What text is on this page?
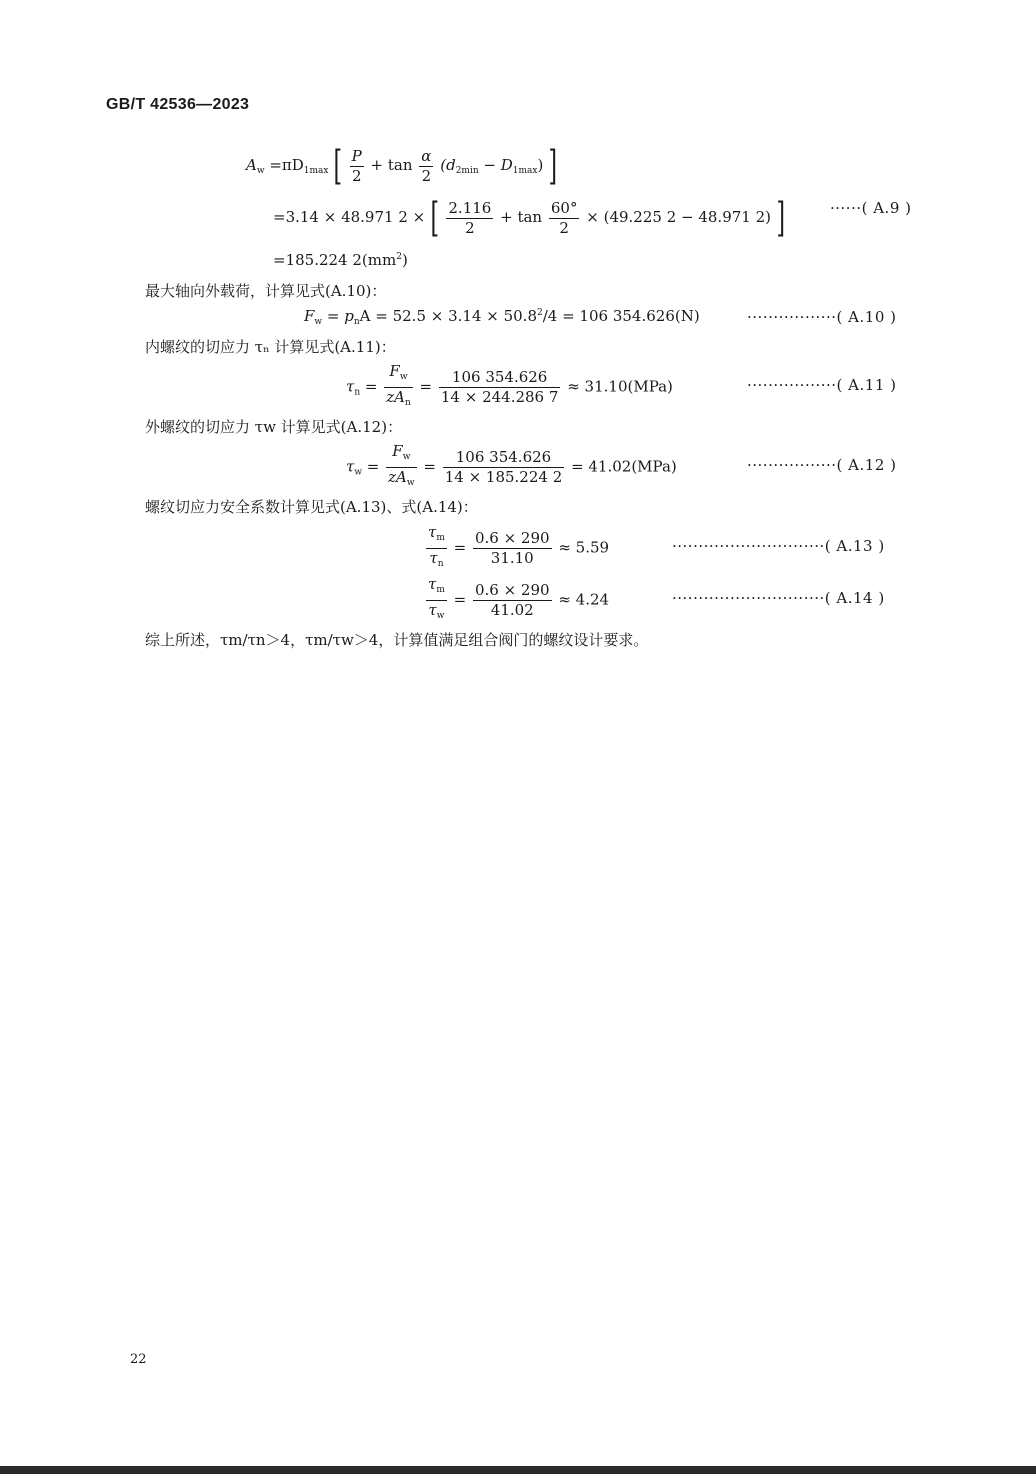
GB/T 42536—2023
$A_w =\pi D_{1max}$ [ $\frac{P}{2} + \tan \frac{\alpha}{2} (d_{2min} - D_{1max})$ ]
=3.14 × 48.971 2 × [ $\frac{2.116}{2} + \tan \frac{60^\circ}{2} \times (49.225$ 2 − 48.971 2) ]	······( A.9 )
=185.224 $2(mm^2)$
最大轴向外载荷，计算见式(A.10)：
$F_w = p_nA = 52.5 \times 3.14 \times 50.8^2/4 = 106$ 354.626(N)	·················( A.10 )
内螺纹的切应力 τₙ 计算见式(A.11)：
$\tau_n = \frac{F_w}{zA_n} = \frac{106 354.626}{14 \times 244.286 7} \approx 31.10(MPa)$	·················( A.11 )
外螺纹的切应力 τw 计算见式(A.12)：
$\tau_w = \frac{F_w}{zA_w} = \frac{106 354.626}{14 \times 185.224 2} = 41.02(MPa)$	·················( A.12 )
螺纹切应力安全系数计算见式(A.13)、式(A.14)：
$\frac{\tau_m}{\tau_n} = \frac{0.6 \times 290}{31.10} \approx 5.59$	·····························( A.13 )
$\frac{\tau_m}{\tau_w} = \frac{0.6 \times 290}{41.02} \approx 4.24$	·····························( A.14 )
综上所述，τm/τn＞4，τm/τw＞4，计算值满足组合阀门的螺纹设计要求。
22
